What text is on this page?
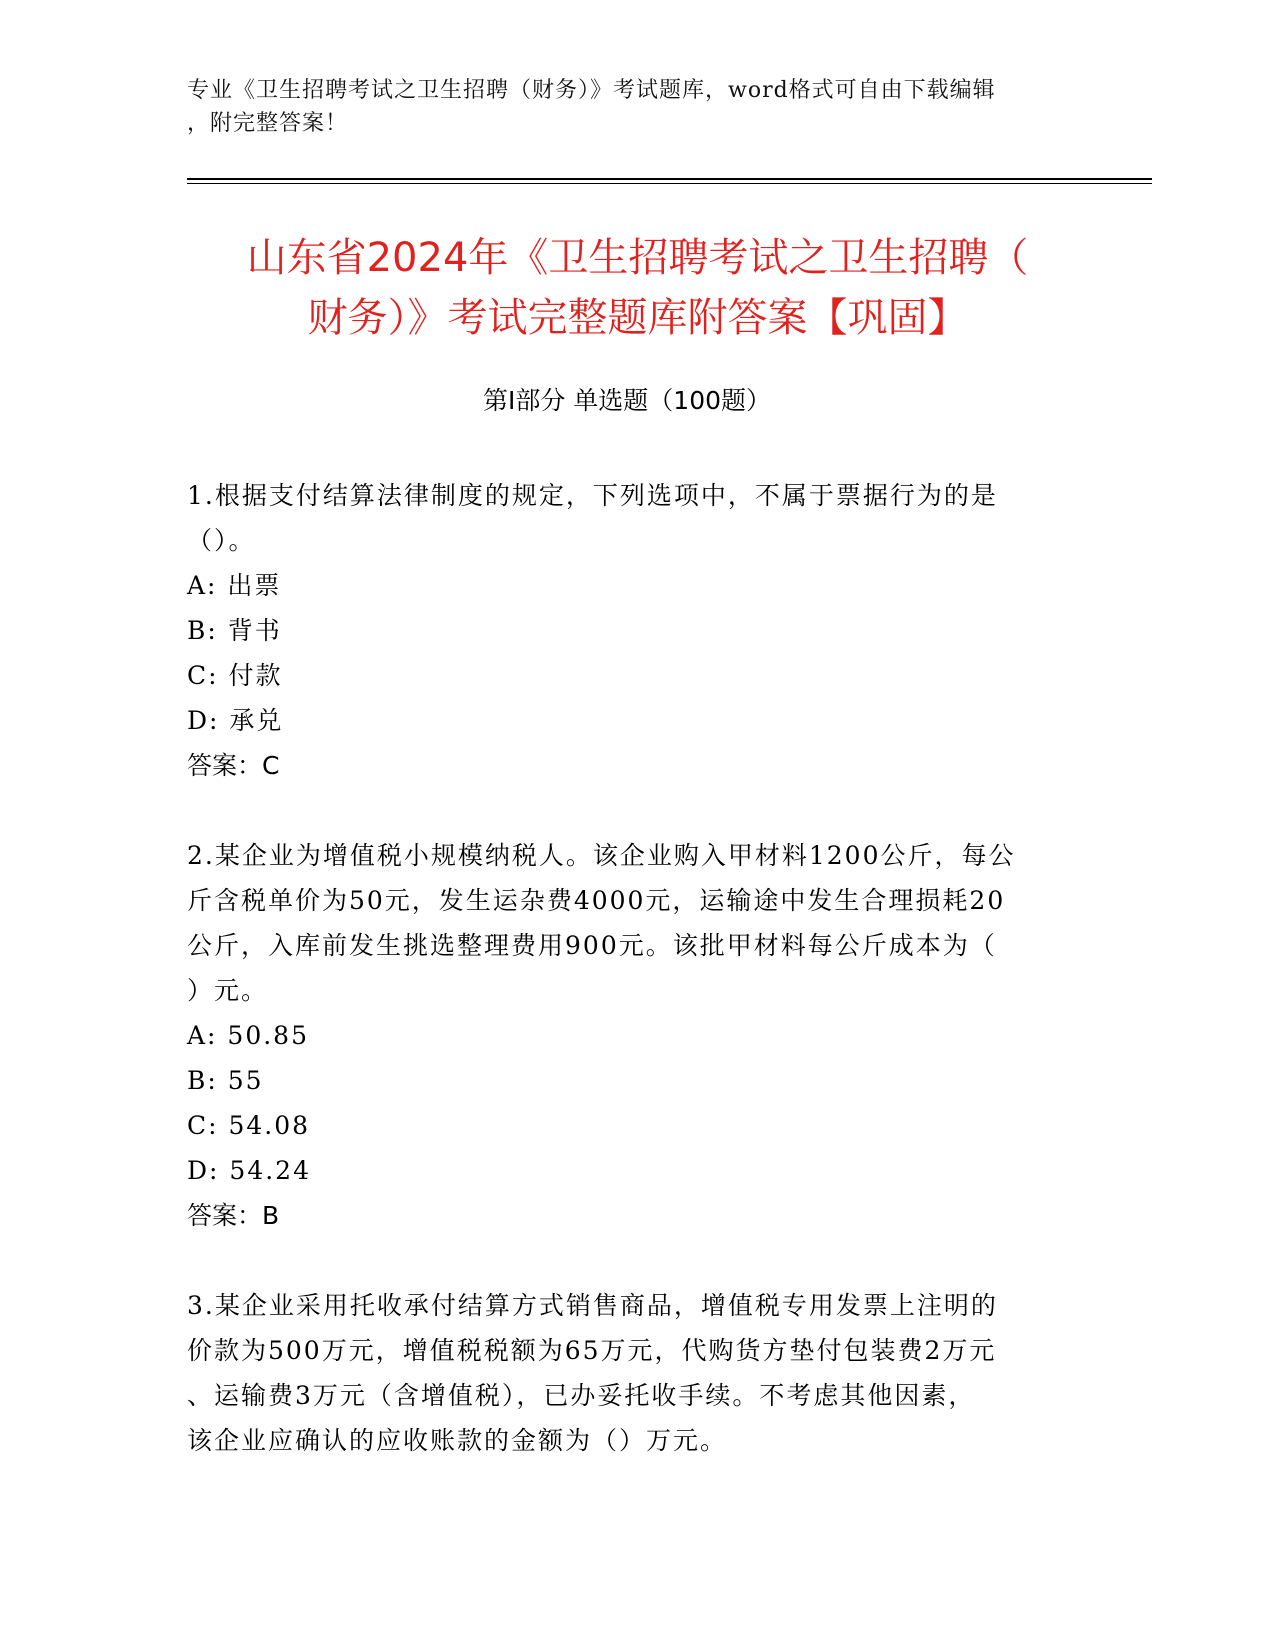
专业《卫生招聘考试之卫生招聘（财务）》考试题库，word格式可自由下载编辑
，附完整答案！
山东省2024年《卫生招聘考试之卫生招聘（
财务）》考试完整题库附答案【巩固】
第I部分 单选题（100题）
1.根据支付结算法律制度的规定，下列选项中，不属于票据行为的是
（）。
A: 出票
B: 背书
C: 付款
D: 承兑
答案：C
2.某企业为增值税小规模纳税人。该企业购入甲材料1200公斤，每公
斤含税单价为50元，发生运杂费4000元，运输途中发生合理损耗20
公斤，入库前发生挑选整理费用900元。该批甲材料每公斤成本为（
）元。
A: 50.85
B: 55
C: 54.08
D: 54.24
答案：B
3.某企业采用托收承付结算方式销售商品，增值税专用发票上注明的
价款为500万元，增值税税额为65万元，代购货方垫付包装费2万元
、运输费3万元（含增值税），已办妥托收手续。不考虑其他因素，
该企业应确认的应收账款的金额为（）万元。
